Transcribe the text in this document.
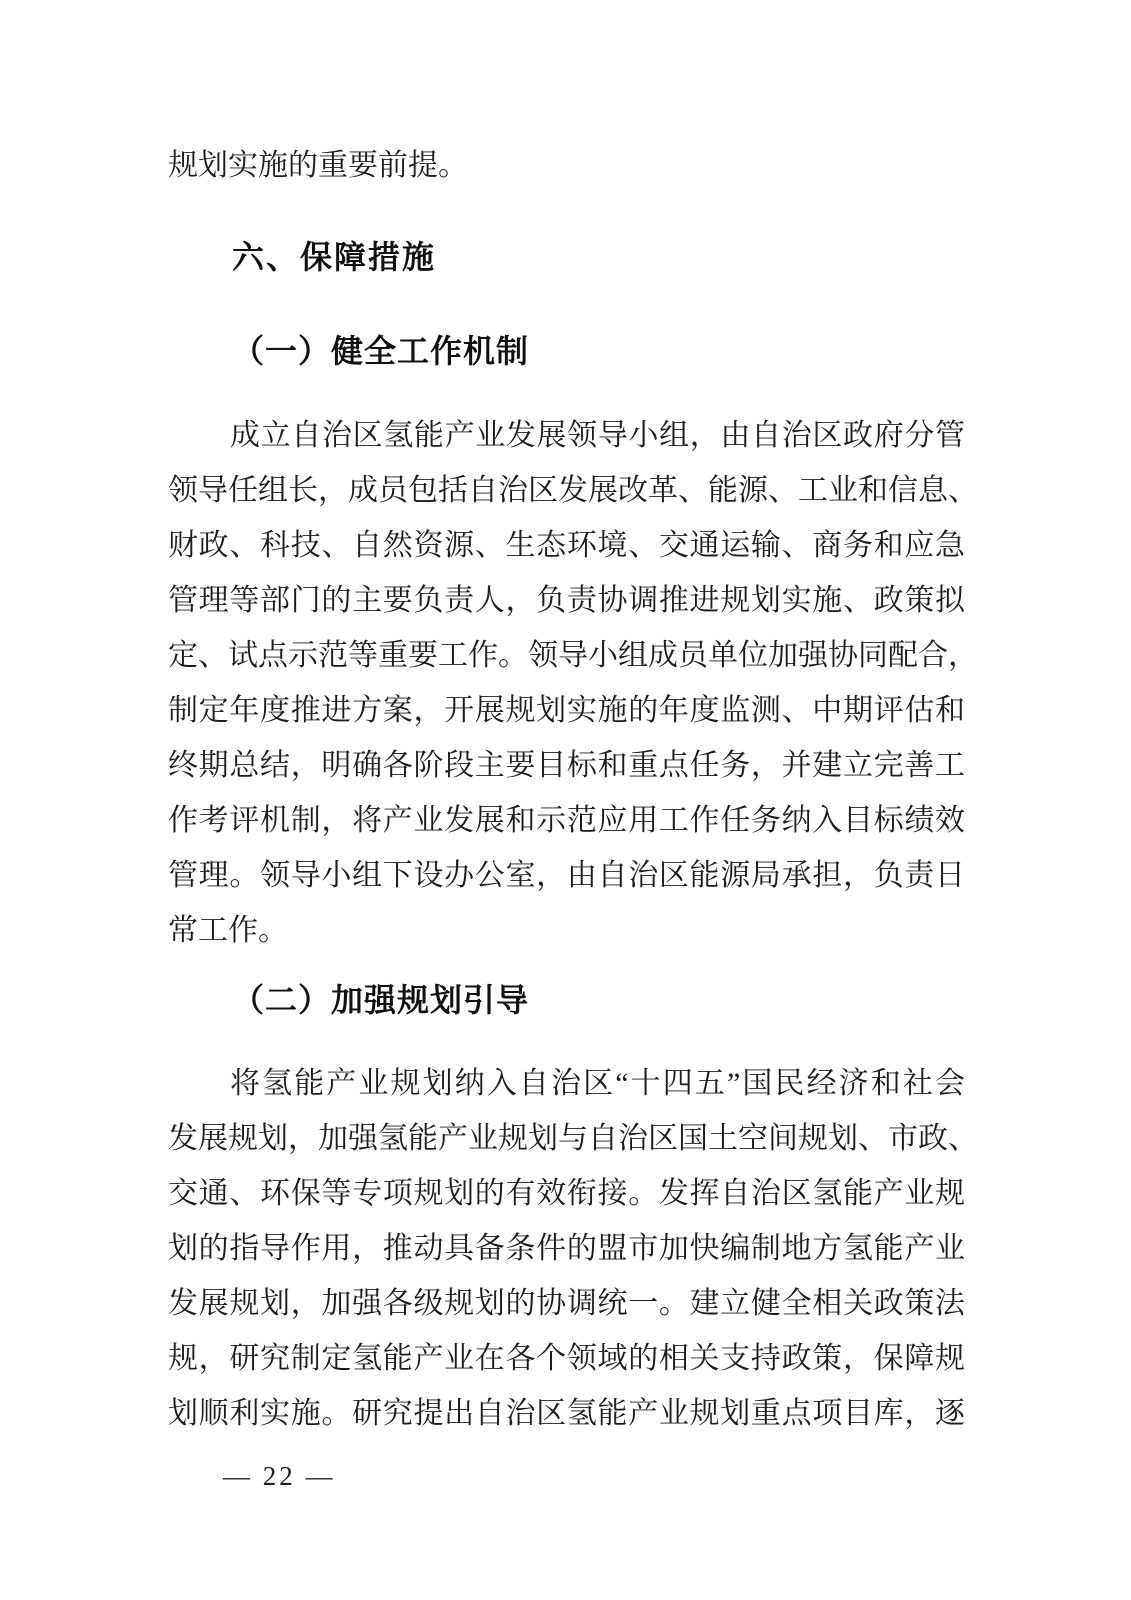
规划实施的重要前提。
六、保障措施
（一）健全工作机制
成立自治区氢能产业发展领导小组，由自治区政府分管
领导任组长，成员包括自治区发展改革、能源、工业和信息、
财政、科技、自然资源、生态环境、交通运输、商务和应急
管理等部门的主要负责人，负责协调推进规划实施、政策拟
定、试点示范等重要工作。领导小组成员单位加强协同配合，
制定年度推进方案，开展规划实施的年度监测、中期评估和
终期总结，明确各阶段主要目标和重点任务，并建立完善工
作考评机制，将产业发展和示范应用工作任务纳入目标绩效
管理。领导小组下设办公室，由自治区能源局承担，负责日
常工作。
（二）加强规划引导
将氢能产业规划纳入自治区“十四五”国民经济和社会
发展规划，加强氢能产业规划与自治区国土空间规划、市政、
交通、环保等专项规划的有效衔接。发挥自治区氢能产业规
划的指导作用，推动具备条件的盟市加快编制地方氢能产业
发展规划，加强各级规划的协调统一。建立健全相关政策法
规，研究制定氢能产业在各个领域的相关支持政策，保障规
划顺利实施。研究提出自治区氢能产业规划重点项目库，逐
— 22 —
